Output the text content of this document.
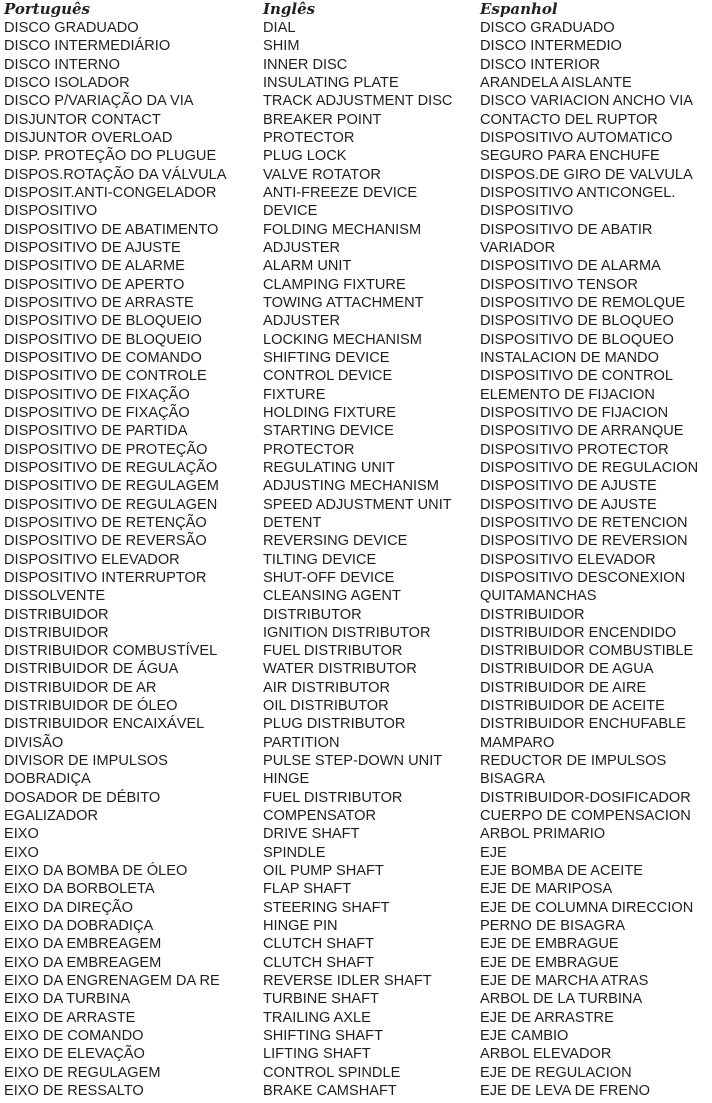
Português	Inglês	Espanhol
DISCO GRADUADO	DIAL	DISCO GRADUADO
DISCO INTERMEDIÁRIO	SHIM	DISCO INTERMEDIO
DISCO INTERNO	INNER DISC	DISCO INTERIOR
DISCO ISOLADOR	INSULATING PLATE	ARANDELA AISLANTE
DISCO P/VARIAÇÃO DA VIA	TRACK ADJUSTMENT DISC	DISCO VARIACION ANCHO VIA
DISJUNTOR CONTACT	BREAKER POINT	CONTACTO DEL RUPTOR
DISJUNTOR OVERLOAD	PROTECTOR	DISPOSITIVO AUTOMATICO
DISP. PROTEÇÃO DO PLUGUE	PLUG LOCK	SEGURO PARA ENCHUFE
DISPOS.ROTAÇÃO DA VÁLVULA	VALVE ROTATOR	DISPOS.DE GIRO DE VALVULA
DISPOSIT.ANTI-CONGELADOR	ANTI-FREEZE DEVICE	DISPOSITIVO ANTICONGEL.
DISPOSITIVO	DEVICE	DISPOSITIVO
DISPOSITIVO DE ABATIMENTO	FOLDING MECHANISM	DISPOSITIVO DE ABATIR
DISPOSITIVO DE AJUSTE	ADJUSTER	VARIADOR
DISPOSITIVO DE ALARME	ALARM UNIT	DISPOSITIVO DE ALARMA
DISPOSITIVO DE APERTO	CLAMPING FIXTURE	DISPOSITIVO TENSOR
DISPOSITIVO DE ARRASTE	TOWING ATTACHMENT	DISPOSITIVO DE REMOLQUE
DISPOSITIVO DE BLOQUEIO	ADJUSTER	DISPOSITIVO DE BLOQUEO
DISPOSITIVO DE BLOQUEIO	LOCKING MECHANISM	DISPOSITIVO DE BLOQUEO
DISPOSITIVO DE COMANDO	SHIFTING DEVICE	INSTALACION DE MANDO
DISPOSITIVO DE CONTROLE	CONTROL DEVICE	DISPOSITIVO DE CONTROL
DISPOSITIVO DE FIXAÇÃO	FIXTURE	ELEMENTO DE FIJACION
DISPOSITIVO DE FIXAÇÃO	HOLDING FIXTURE	DISPOSITIVO DE FIJACION
DISPOSITIVO DE PARTIDA	STARTING DEVICE	DISPOSITIVO DE ARRANQUE
DISPOSITIVO DE PROTEÇÃO	PROTECTOR	DISPOSITIVO PROTECTOR
DISPOSITIVO DE REGULAÇÃO	REGULATING UNIT	DISPOSITIVO DE REGULACION
DISPOSITIVO DE REGULAGEM	ADJUSTING MECHANISM	DISPOSITIVO DE AJUSTE
DISPOSITIVO DE REGULAGEN	SPEED ADJUSTMENT UNIT	DISPOSITIVO DE AJUSTE
DISPOSITIVO DE RETENÇÃO	DETENT	DISPOSITIVO DE RETENCION
DISPOSITIVO DE REVERSÃO	REVERSING DEVICE	DISPOSITIVO DE REVERSION
DISPOSITIVO ELEVADOR	TILTING DEVICE	DISPOSITIVO ELEVADOR
DISPOSITIVO INTERRUPTOR	SHUT-OFF DEVICE	DISPOSITIVO DESCONEXION
DISSOLVENTE	CLEANSING AGENT	QUITAMANCHAS
DISTRIBUIDOR	DISTRIBUTOR	DISTRIBUIDOR
DISTRIBUIDOR	IGNITION DISTRIBUTOR	DISTRIBUIDOR ENCENDIDO
DISTRIBUIDOR COMBUSTÍVEL	FUEL DISTRIBUTOR	DISTRIBUIDOR COMBUSTIBLE
DISTRIBUIDOR DE ÁGUA	WATER DISTRIBUTOR	DISTRIBUIDOR DE AGUA
DISTRIBUIDOR DE AR	AIR DISTRIBUTOR	DISTRIBUIDOR DE AIRE
DISTRIBUIDOR DE ÓLEO	OIL DISTRIBUTOR	DISTRIBUIDOR DE ACEITE
DISTRIBUIDOR ENCAIXÁVEL	PLUG DISTRIBUTOR	DISTRIBUIDOR ENCHUFABLE
DIVISÃO	PARTITION	MAMPARO
DIVISOR DE IMPULSOS	PULSE STEP-DOWN UNIT	REDUCTOR DE IMPULSOS
DOBRADIÇA	HINGE	BISAGRA
DOSADOR DE DÉBITO	FUEL DISTRIBUTOR	DISTRIBUIDOR-DOSIFICADOR
EGALIZADOR	COMPENSATOR	CUERPO DE COMPENSACION
EIXO	DRIVE SHAFT	ARBOL PRIMARIO
EIXO	SPINDLE	EJE
EIXO DA BOMBA DE ÓLEO	OIL PUMP SHAFT	EJE BOMBA DE ACEITE
EIXO DA BORBOLETA	FLAP SHAFT	EJE DE MARIPOSA
EIXO DA DIREÇÃO	STEERING SHAFT	EJE DE COLUMNA DIRECCION
EIXO DA DOBRADIÇA	HINGE PIN	PERNO DE BISAGRA
EIXO DA EMBREAGEM	CLUTCH SHAFT	EJE DE EMBRAGUE
EIXO DA EMBREAGEM	CLUTCH SHAFT	EJE DE EMBRAGUE
EIXO DA ENGRENAGEM DA RE	REVERSE IDLER SHAFT	EJE DE MARCHA ATRAS
EIXO DA TURBINA	TURBINE SHAFT	ARBOL DE LA TURBINA
EIXO DE ARRASTE	TRAILING AXLE	EJE DE ARRASTRE
EIXO DE COMANDO	SHIFTING SHAFT	EJE CAMBIO
EIXO DE ELEVAÇÃO	LIFTING SHAFT	ARBOL ELEVADOR
EIXO DE REGULAGEM	CONTROL SPINDLE	EJE DE REGULACION
EIXO DE RESSALTO	BRAKE CAMSHAFT	EJE DE LEVA DE FRENO
